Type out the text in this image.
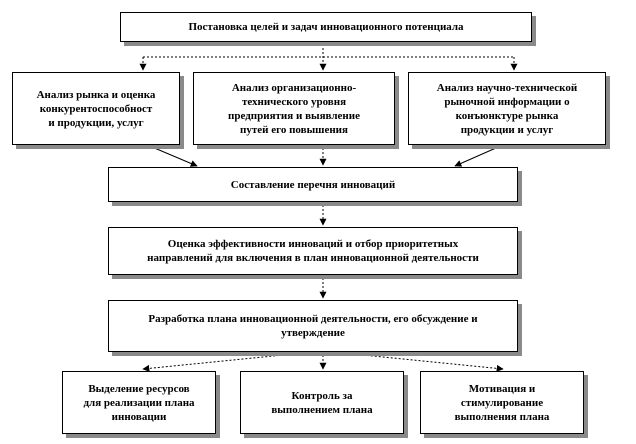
Постановка целей и задач инновационного потенциала
Анализ рынка и оценка
конкурентоспособност
и продукции, услуг
Анализ организационно-
технического уровня
предприятия и выявление
путей его повышения
Анализ научно-технической
рыночной информации о
конъюнктуре рынка
продукции и услуг
Составление перечня инноваций
Оценка эффективности инноваций и отбор приоритетных
направлений для включения в план инновационной деятельности
Разработка плана инновационной деятельности, его обсуждение и
утверждение
Выделение ресурсов
для реализации плана
инновации
Контроль за
выполнением плана
Мотивация и
стимулирование
выполнения плана
